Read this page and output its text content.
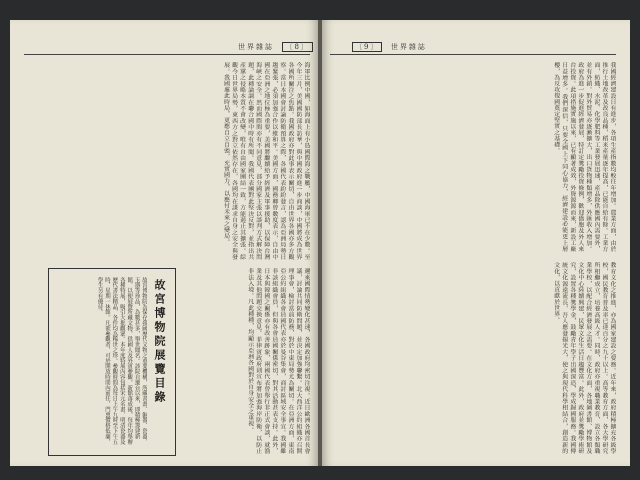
世界雜誌 〔8〕
海軍比例中國，如海面上有小島國際海之戰艦，中國海軍已不在少數。至今年三月，美國國防部長訪華，與中國政府進一步商談，中國將成為世界各國所關注之焦點。我國政府亦對此事表示關切，自由世界各國亦多方觀察。當日本國會討論防衛預算之際，各國代表紛紛發言，認為亞洲局勢日趨緊張，必須加強合作以維和平。美國方面，國務卿曾數度表示，自由中國在亞洲之地位極為重要，美國將繼續給予經濟及軍事援助，以保障台灣海峽之安全。然而國際間亦有不同意見，部分國家主張以談判方式解決問題，此種論調在聯合國中時有所聞。我國代表團對此堅決反對，並指出共產黨之侵略本質不會改變，唯有自由國家團結一致，方能遏止其擴張。綜觀今日世界局勢，東西方之對立依然存在，各國均在謀求自身之安全與發展。我國處此時局，更應自立自強，充實國力，以應付未來之變局。
邇來國際情勢變化甚速，各國政府均密切注視。近日歐洲各國首長會議，討論共同防衛問題，並決定加強聯繫。北大西洋公約組織亦召開理事會，檢討當前防務，對於中東局勢尤為關切。在亞洲方面，東南亞公約組織各會員國代表亦於曼谷集會，商討區域安全事宜。我國雖非該組織會員，但與各會員國關係密切，對其活動甚表支持。此外，日本與韓國之關係亦有改善跡象，兩國代表曾舉行非正式會談，就漁業及其他問題交換意見。菲律賓政府則宣布將加強海岸防衛，以防止非法入境。凡此種種，均顯示亞洲各國對於自身安全之重視。
故宮博物院展覽目錄
故宮博物院為保存我國歷代文物之重要機構，所藏書畫、銅器、瓷器、玉器等珍品，為數甚多，舉世聞名。該院自遷台以來，即積極籌建新館，以便展覽所藏文物，供國人及外賓參觀。新館落成後，每年均舉辦各種特展，吸引大批觀眾。本年度特展內容包括宋元名畫、明清瓷器及歷代書法精品，各件均為稀世之珍。參觀時間為每日上午九時至下午五時，星期一休館。凡欲參觀者，可於開放時間內前往，門票價格低廉，學生另有優待。
〔9〕 世界雜誌
我國經濟建設日有進步，各項生產指數均較往年增加。農業方面，由於推行土地改革及改良品種，稻米產量逐年提高，已能自給有餘。工業方面，紡織、水泥、化學肥料等工業發展迅速，產品除供應國內需要外，並有外銷。對外貿易亦逐漸擴大，出口貨物種類增多，外匯收入增加。政府為進一步促進經濟發展，特訂定獎勵投資條例，歡迎僑胞及外人來台投資。此項措施實施以來，已有顯著成效，外資源源而來，新設工廠日益增多。我們深信，只要全國上下同心協力，經濟建設必能更上層樓，為反攻復國奠定堅實之基礎。
教育文化之推進，亦為國家建設之要務。近年來，政府積極擴充各級學校，國民教育普及率已達百分之九十以上。高等教育方面，各大學研究所相繼成立，培養高級人才。同時，政府亦重視職業教育，設立各類職業學校，以配合經濟發展之需要。在文化方面，各地圖書館、博物館及文化中心陸續興建，民眾文化生活日趨豐富。此外，政府並獎勵學術研究，設置各種獎學金，鼓勵青年學子出國深造，學成歸國服務。我國傳統文化源遠流長，吾人應發揚光大，使之與現代科學相結合，創造新的文化，以貢獻於世界。
